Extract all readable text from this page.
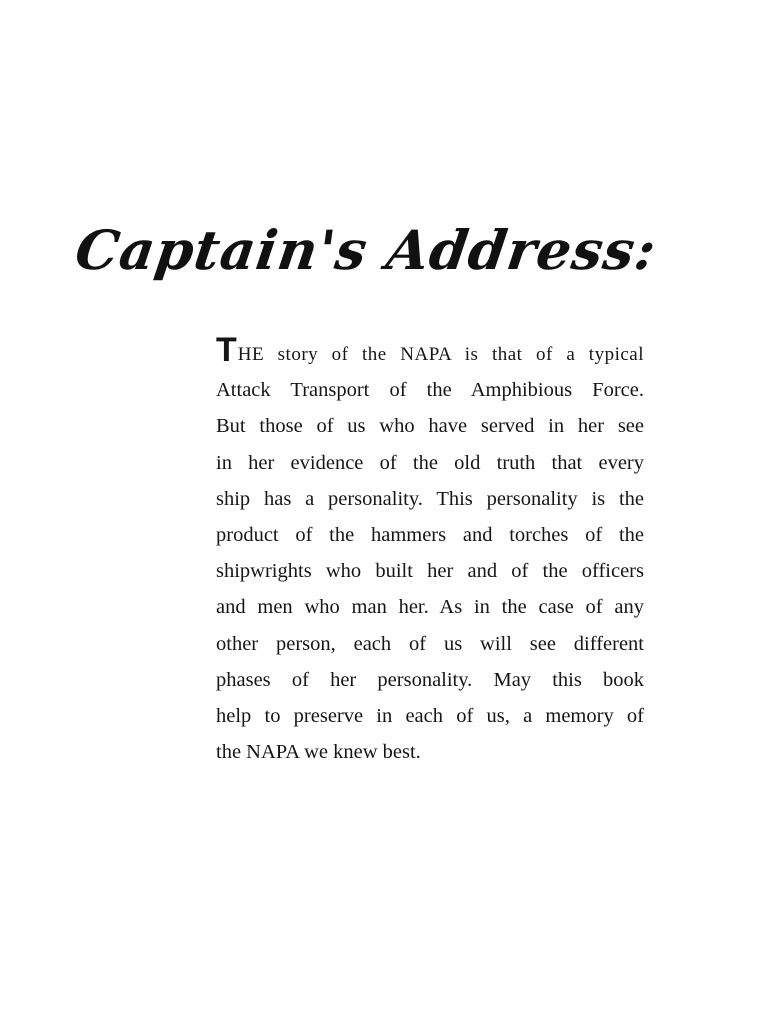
Captain's Address:
THE story of the NAPA is that of a typical
Attack Transport of the Amphibious Force.
But those of us who have served in her see
in her evidence of the old truth that every
ship has a personality. This personality is the
product of the hammers and torches of the
shipwrights who built her and of the officers
and men who man her. As in the case of any
other person, each of us will see different
phases of her personality. May this book
help to preserve in each of us, a memory of
the NAPA we knew best.
